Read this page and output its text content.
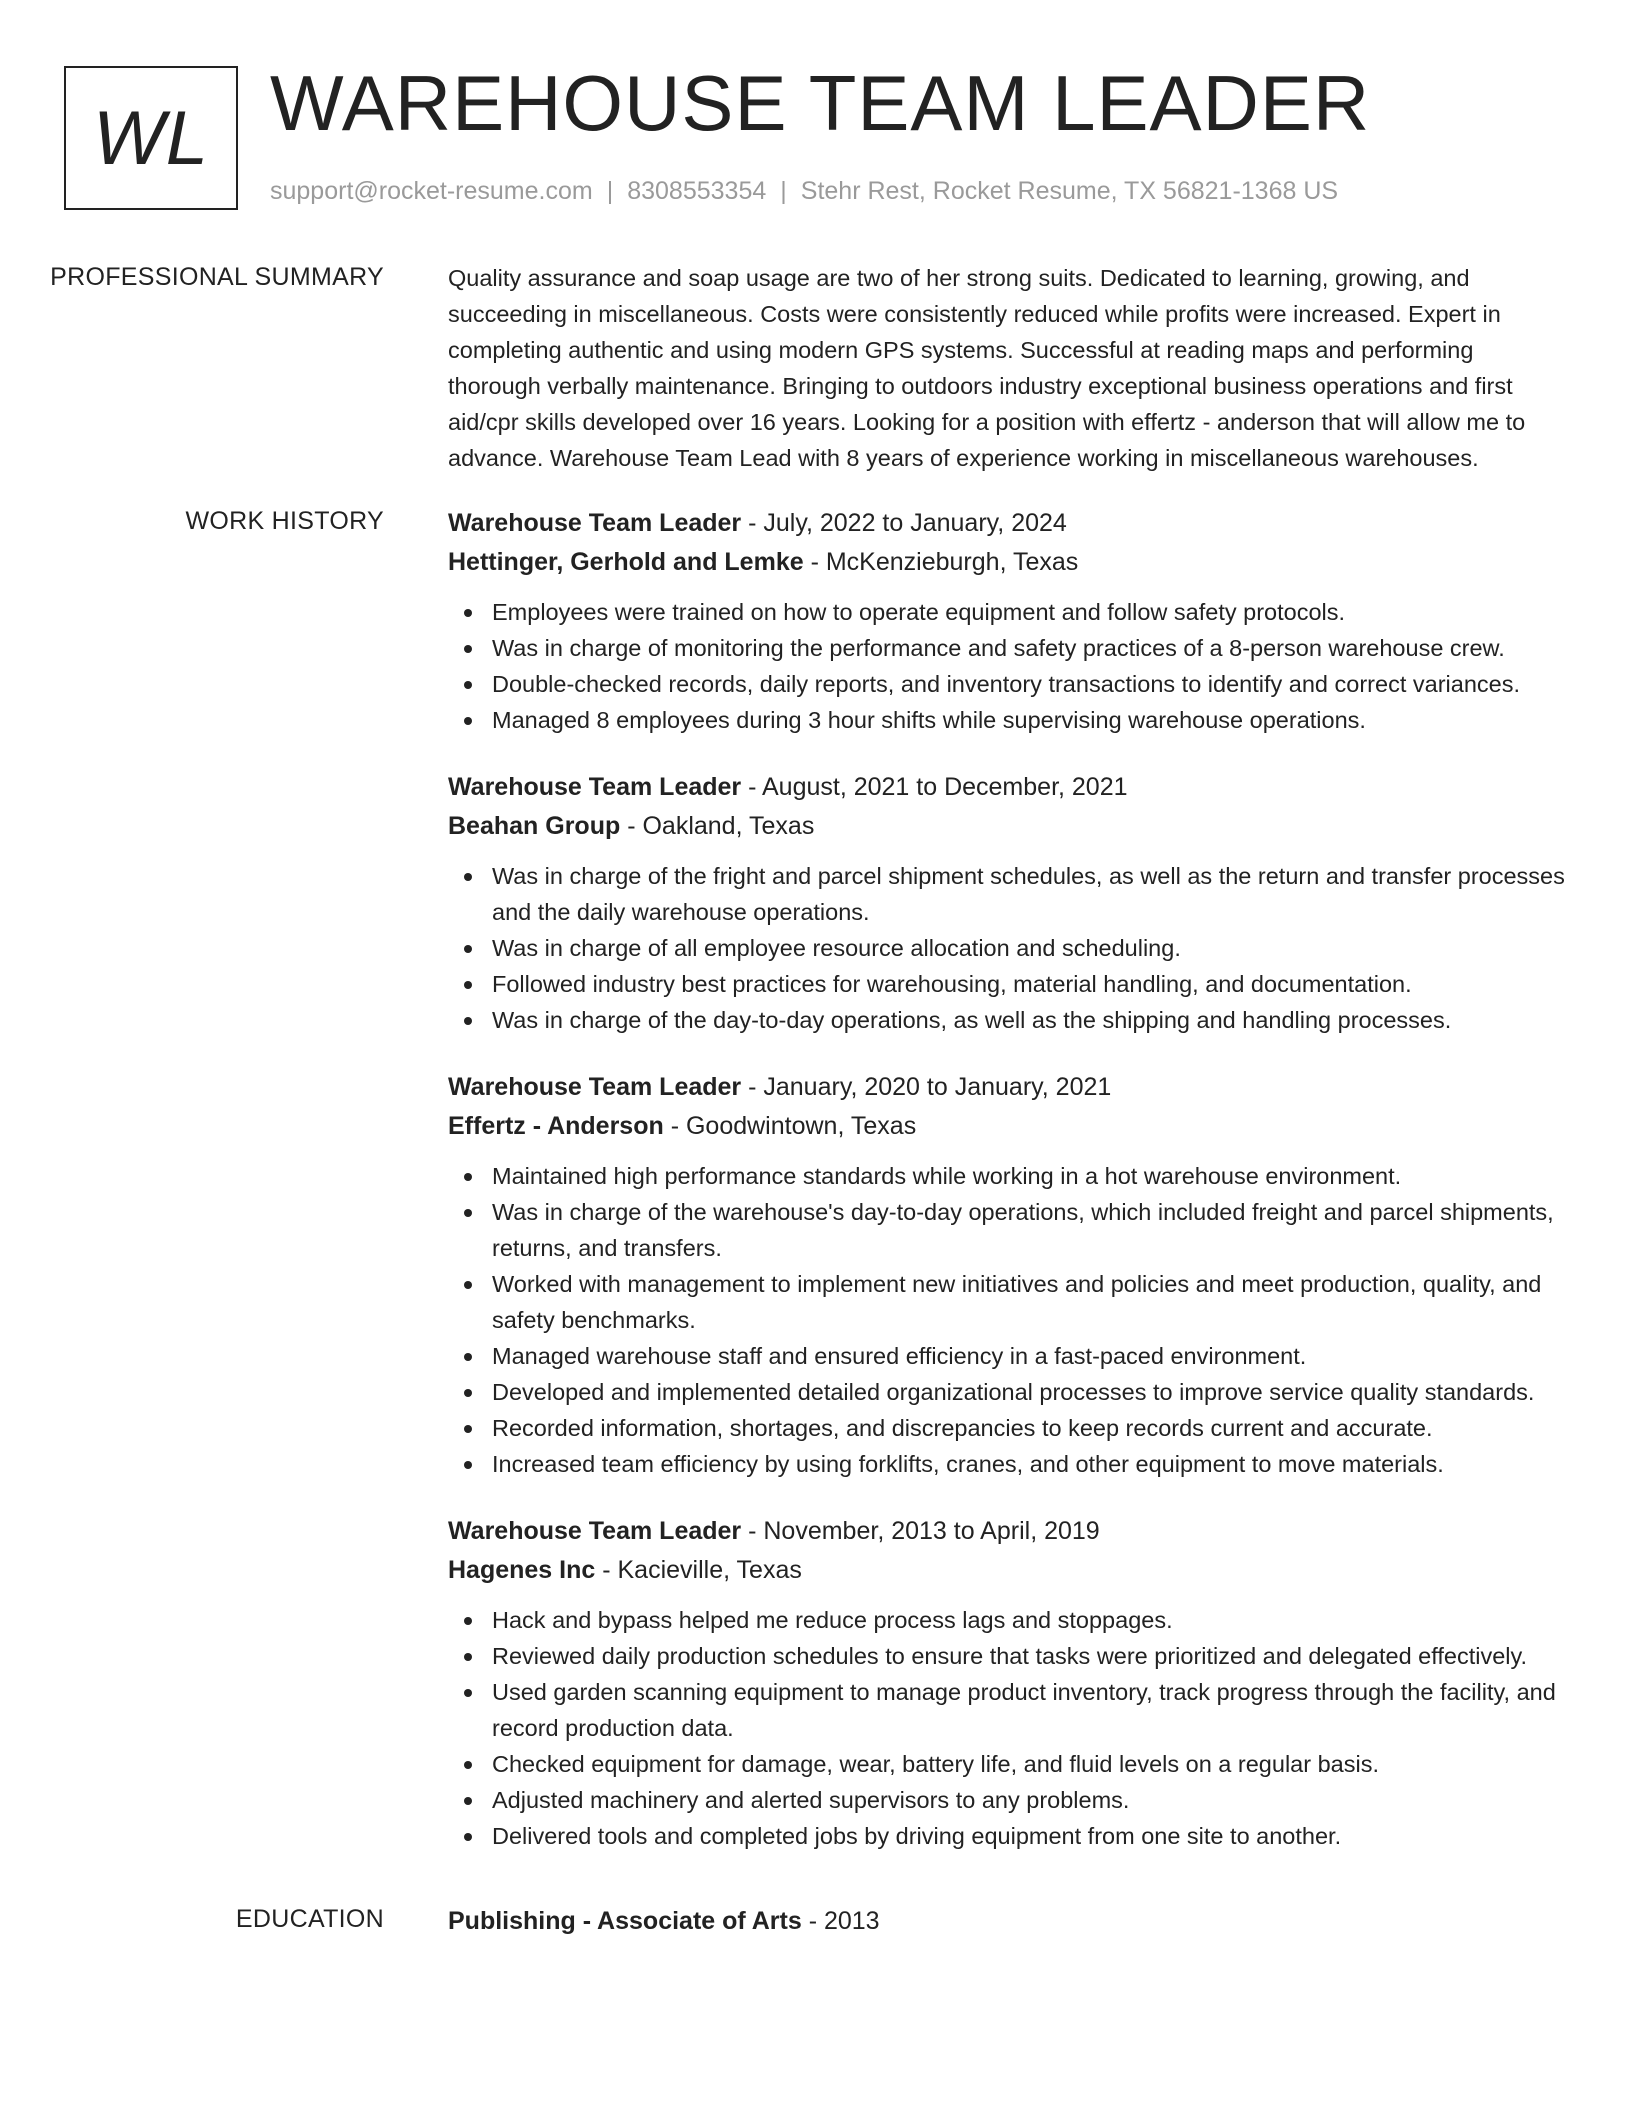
WL WAREHOUSE TEAM LEADER
support@rocket-resume.com | 8308553354 | Stehr Rest, Rocket Resume, TX 56821-1368 US
PROFESSIONAL SUMMARY	Quality assurance and soap usage are two of her strong suits. Dedicated to learning, growing, and succeeding in miscellaneous. Costs were consistently reduced while profits were increased. Expert in completing authentic and using modern GPS systems. Successful at reading maps and performing thorough verbally maintenance. Bringing to outdoors industry exceptional business operations and first aid/cpr skills developed over 16 years. Looking for a position with effertz - anderson that will allow me to advance. Warehouse Team Lead with 8 years of experience working in miscellaneous warehouses.
WORK HISTORY	Warehouse Team Leader - July, 2022 to January, 2024
Hettinger, Gerhold and Lemke - McKenzieburgh, Texas
Employees were trained on how to operate equipment and follow safety protocols.
Was in charge of monitoring the performance and safety practices of a 8-person warehouse crew.
Double-checked records, daily reports, and inventory transactions to identify and correct variances.
Managed 8 employees during 3 hour shifts while supervising warehouse operations.
Warehouse Team Leader - August, 2021 to December, 2021
Beahan Group - Oakland, Texas
Was in charge of the fright and parcel shipment schedules, as well as the return and transfer processes and the daily warehouse operations.
Was in charge of all employee resource allocation and scheduling.
Followed industry best practices for warehousing, material handling, and documentation.
Was in charge of the day-to-day operations, as well as the shipping and handling processes.
Warehouse Team Leader - January, 2020 to January, 2021
Effertz - Anderson - Goodwintown, Texas
Maintained high performance standards while working in a hot warehouse environment.
Was in charge of the warehouse's day-to-day operations, which included freight and parcel shipments, returns, and transfers.
Worked with management to implement new initiatives and policies and meet production, quality, and safety benchmarks.
Managed warehouse staff and ensured efficiency in a fast-paced environment.
Developed and implemented detailed organizational processes to improve service quality standards.
Recorded information, shortages, and discrepancies to keep records current and accurate.
Increased team efficiency by using forklifts, cranes, and other equipment to move materials.
Warehouse Team Leader - November, 2013 to April, 2019
Hagenes Inc - Kacieville, Texas
Hack and bypass helped me reduce process lags and stoppages.
Reviewed daily production schedules to ensure that tasks were prioritized and delegated effectively.
Used garden scanning equipment to manage product inventory, track progress through the facility, and record production data.
Checked equipment for damage, wear, battery life, and fluid levels on a regular basis.
Adjusted machinery and alerted supervisors to any problems.
Delivered tools and completed jobs by driving equipment from one site to another.
EDUCATION	Publishing - Associate of Arts - 2013
